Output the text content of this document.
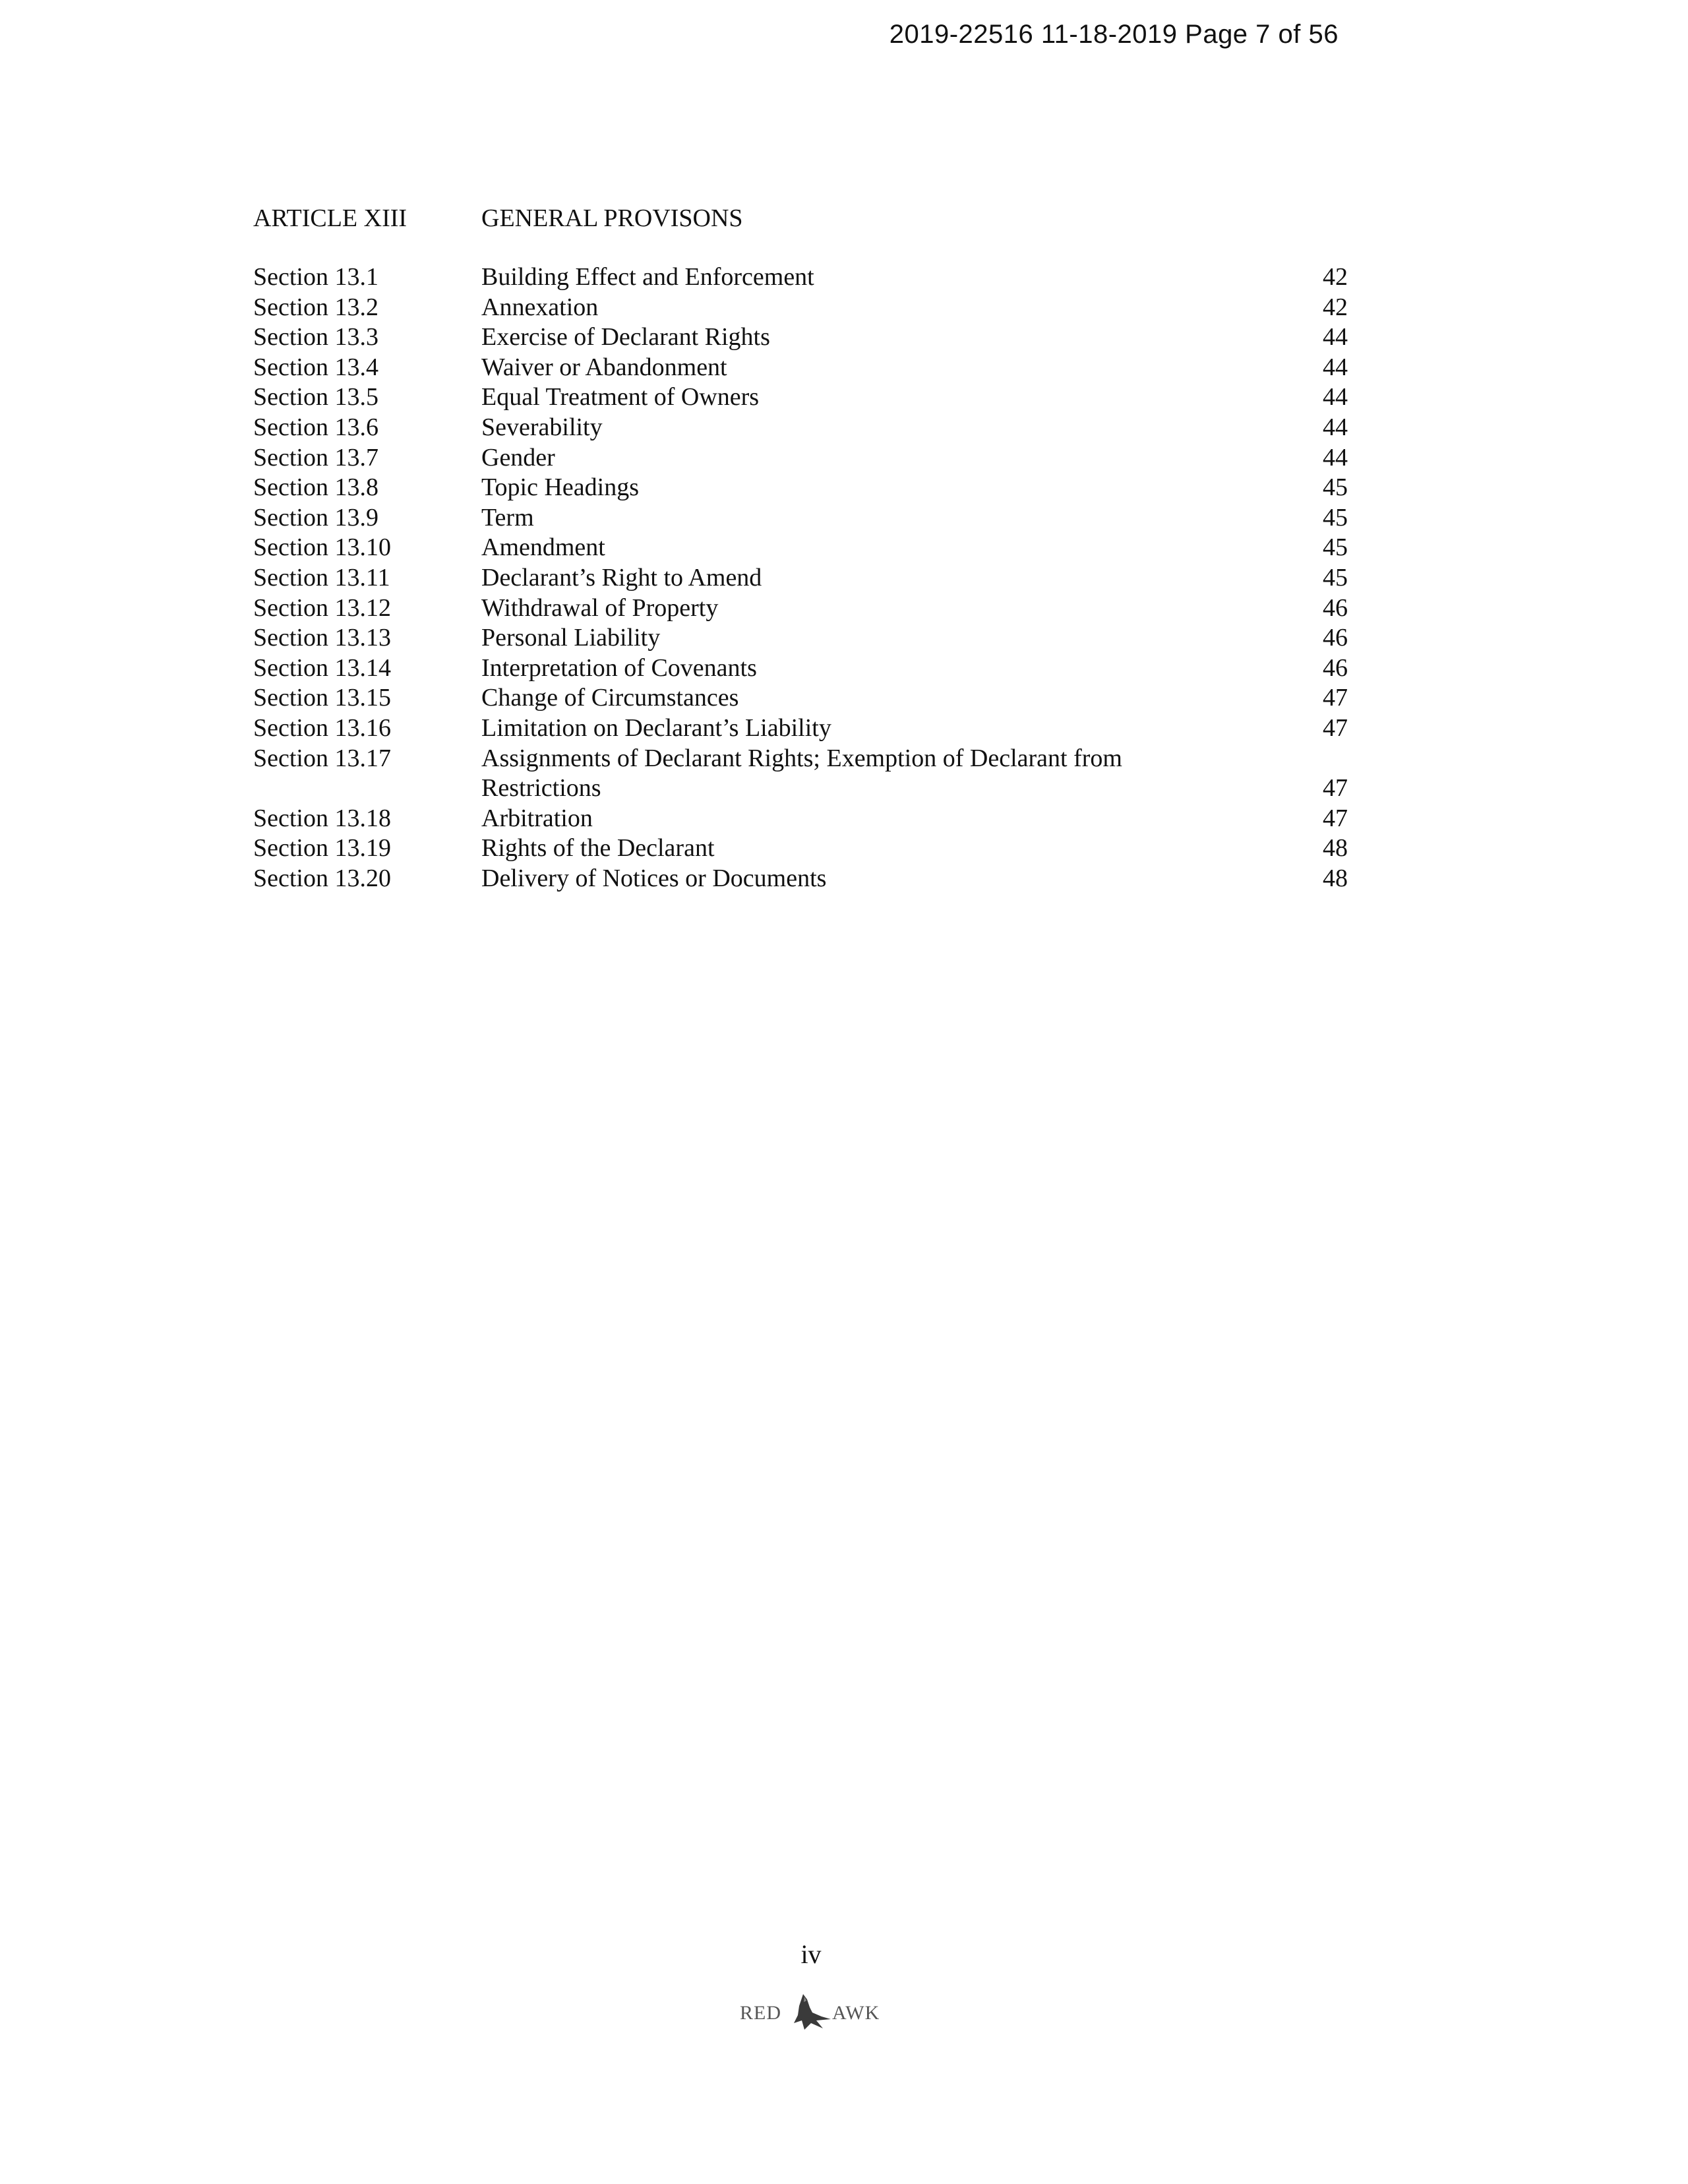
2019-22516 11-18-2019 Page 7 of 56
ARTICLE XIII	GENERAL PROVISONS
Section 13.1	Building Effect and Enforcement	42
Section 13.2	Annexation	42
Section 13.3	Exercise of Declarant Rights	44
Section 13.4	Waiver or Abandonment	44
Section 13.5	Equal Treatment of Owners	44
Section 13.6	Severability	44
Section 13.7	Gender	44
Section 13.8	Topic Headings	45
Section 13.9	Term	45
Section 13.10	Amendment	45
Section 13.11	Declarant’s Right to Amend	45
Section 13.12	Withdrawal of Property	46
Section 13.13	Personal Liability	46
Section 13.14	Interpretation of Covenants	46
Section 13.15	Change of Circumstances	47
Section 13.16	Limitation on Declarant’s Liability	47
Section 13.17	Assignments of Declarant Rights; Exemption of Declarant from Restrictions	47
Section 13.18	Arbitration	47
Section 13.19	Rights of the Declarant	48
Section 13.20	Delivery of Notices or Documents	48
iv
RED	AWK
